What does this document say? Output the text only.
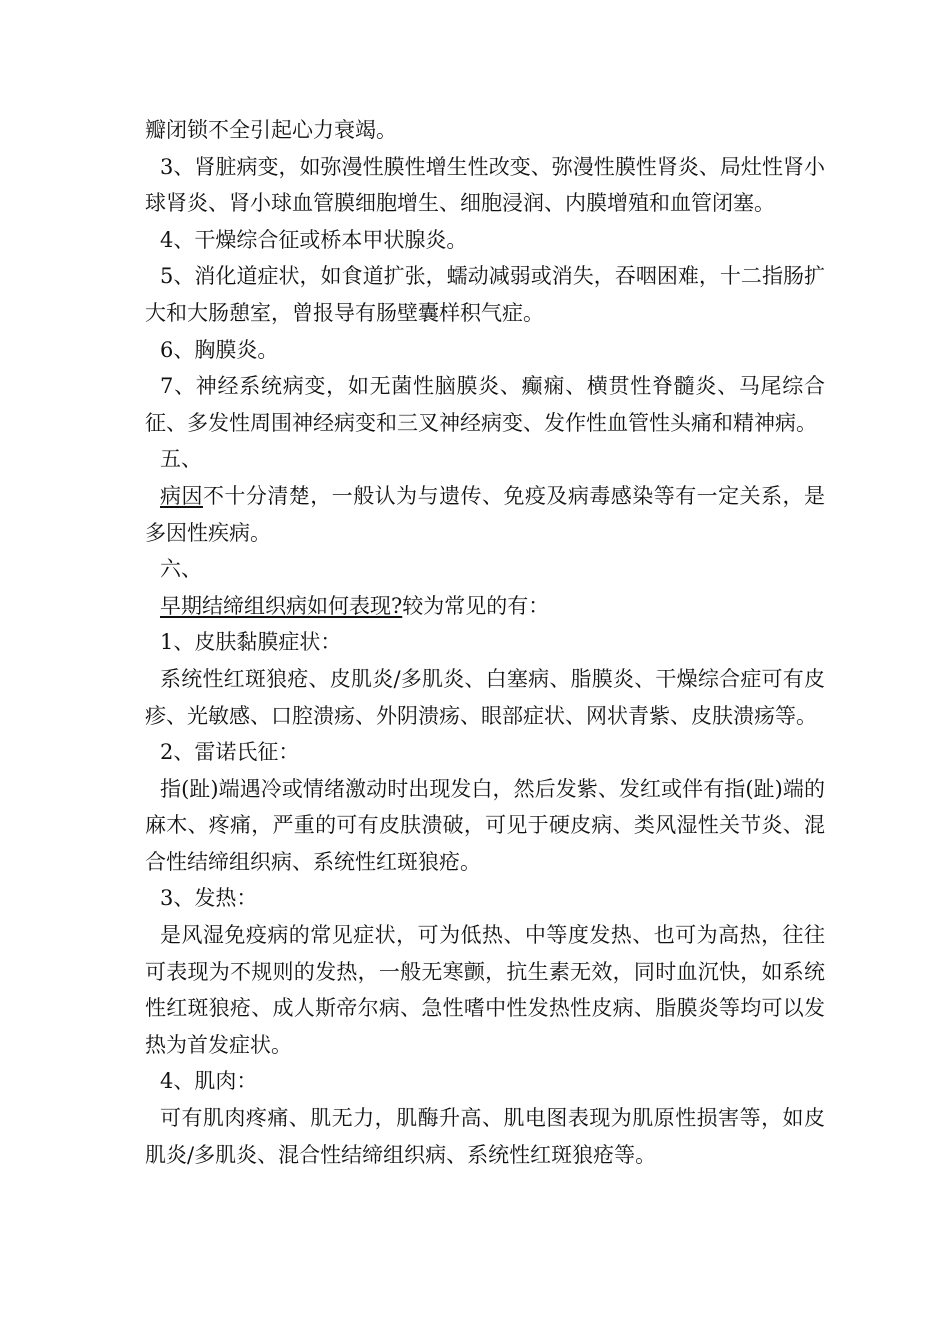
瓣闭锁不全引起心力衰竭。

3、肾脏病变，如弥漫性膜性增生性改变、弥漫性膜性肾炎、局灶性肾小球肾炎、肾小球血管膜细胞增生、细胞浸润、内膜增殖和血管闭塞。

4、干燥综合征或桥本甲状腺炎。

5、消化道症状，如食道扩张，蠕动减弱或消失，吞咽困难，十二指肠扩大和大肠憩室，曾报导有肠壁囊样积气症。

6、胸膜炎。

7、神经系统病变，如无菌性脑膜炎、癫痫、横贯性脊髓炎、马尾综合征、多发性周围神经病变和三叉神经病变、发作性血管性头痛和精神病。

五、

病因不十分清楚，一般认为与遗传、免疫及病毒感染等有一定关系，是多因性疾病。

六、

早期结缔组织病如何表现?较为常见的有：

1、皮肤黏膜症状：

系统性红斑狼疮、皮肌炎/多肌炎、白塞病、脂膜炎、干燥综合症可有皮疹、光敏感、口腔溃疡、外阴溃疡、眼部症状、网状青紫、皮肤溃疡等。

2、雷诺氏征：

指(趾)端遇冷或情绪激动时出现发白，然后发紫、发红或伴有指(趾)端的麻木、疼痛，严重的可有皮肤溃破，可见于硬皮病、类风湿性关节炎、混合性结缔组织病、系统性红斑狼疮。

3、发热：

是风湿免疫病的常见症状，可为低热、中等度发热、也可为高热，往往可表现为不规则的发热，一般无寒颤，抗生素无效，同时血沉快，如系统性红斑狼疮、成人斯帝尔病、急性嗜中性发热性皮病、脂膜炎等均可以发热为首发症状。

4、肌肉：

可有肌肉疼痛、肌无力，肌酶升高、肌电图表现为肌原性损害等，如皮肌炎/多肌炎、混合性结缔组织病、系统性红斑狼疮等。
